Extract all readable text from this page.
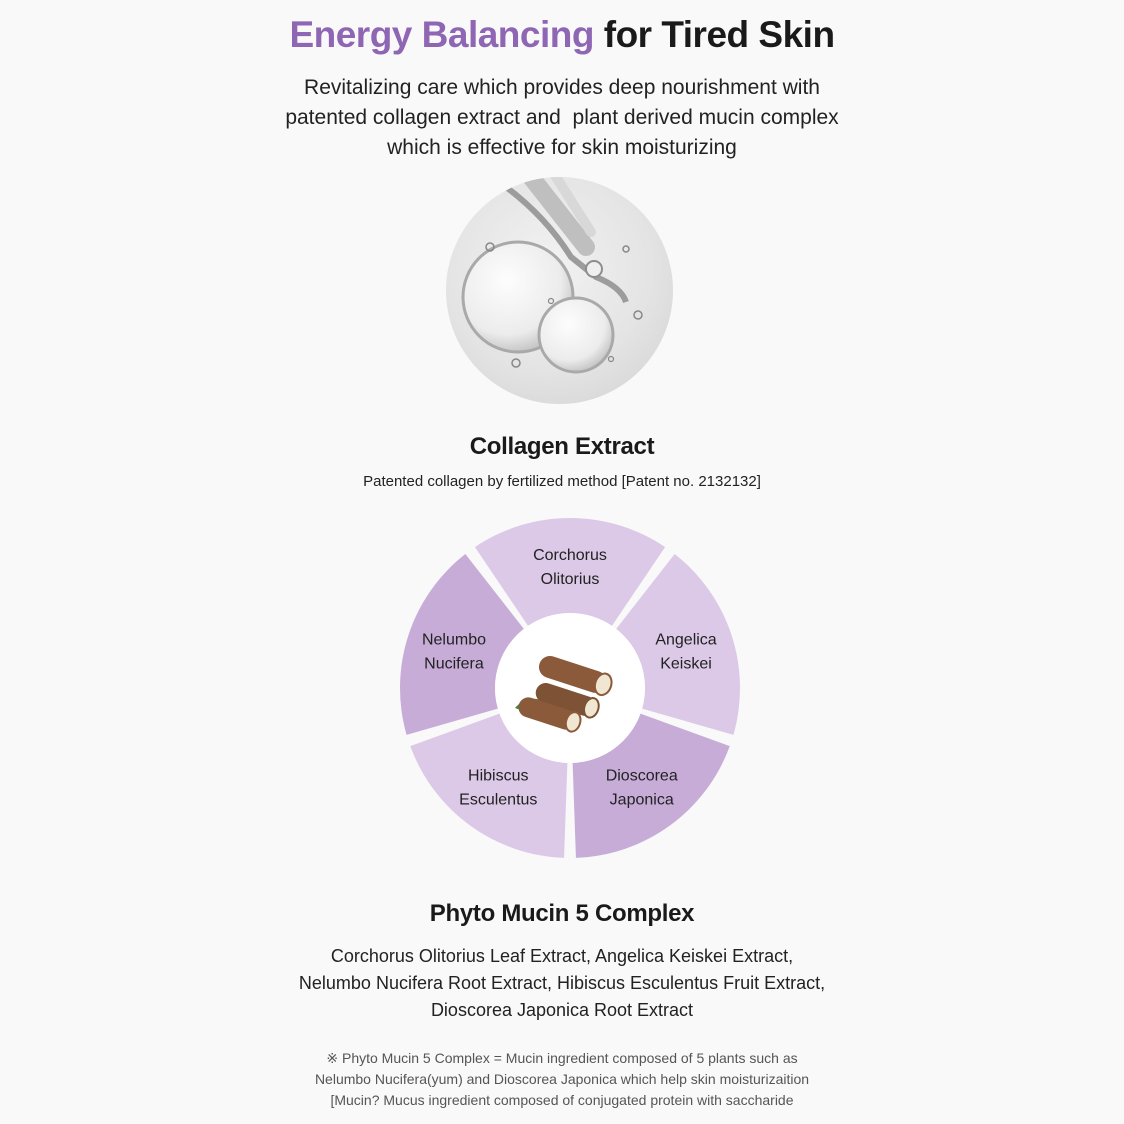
Energy Balancing for Tired Skin
Revitalizing care which provides deep nourishment with
patented collagen extract and  plant derived mucin complex
which is effective for skin moisturizing
Collagen Extract
Patented collagen by fertilized method [Patent no. 2132132]
Corchorus Olitorius
Angelica Keiskei
Dioscorea Japonica
Hibiscus Esculentus
Nelumbo Nucifera
Phyto Mucin 5 Complex
Corchorus Olitorius Leaf Extract, Angelica Keiskei Extract,
Nelumbo Nucifera Root Extract, Hibiscus Esculentus Fruit Extract,
Dioscorea Japonica Root Extract
※ Phyto Mucin 5 Complex = Mucin ingredient composed of 5 plants such as
Nelumbo Nucifera(yum) and Dioscorea Japonica which help skin moisturizaition
[Mucin? Mucus ingredient composed of conjugated protein with saccharide
